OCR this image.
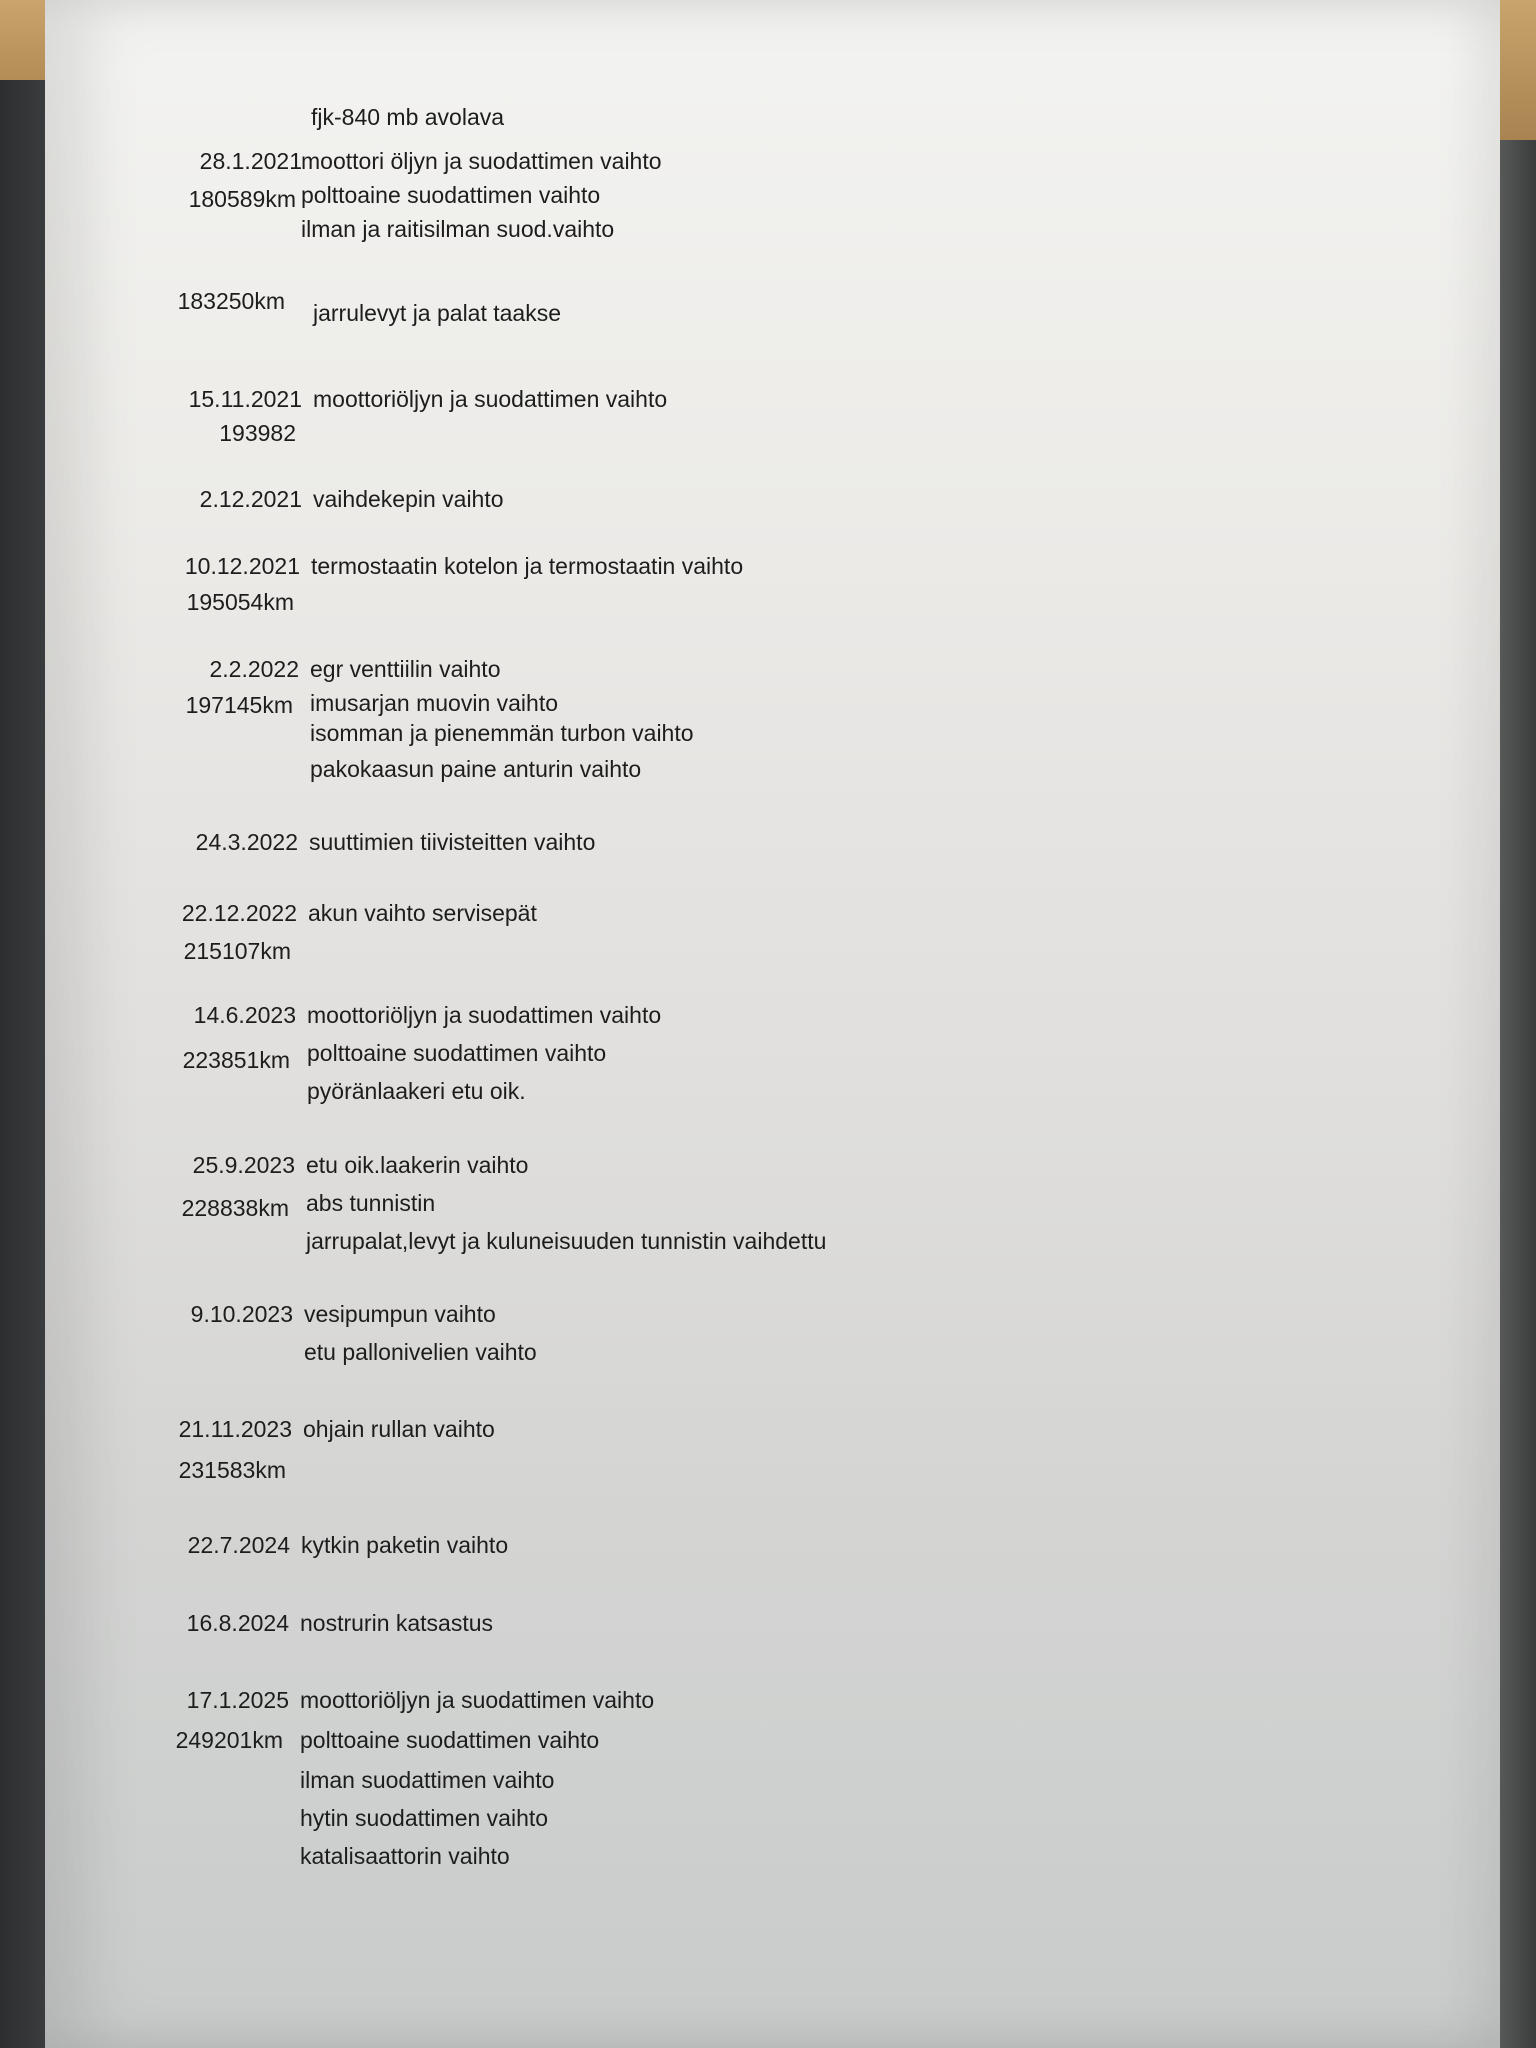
fjk-840 mb avolava
28.1.2021
180589km
moottori öljyn ja suodattimen vaihto
polttoaine suodattimen vaihto
ilman ja raitisilman suod.vaihto
183250km jarrulevyt ja palat taakse
15.11.2021
193982
moottoriöljyn ja suodattimen vaihto
2.12.2021 vaihdekepin vaihto
10.12.2021
195054km
termostaatin kotelon ja termostaatin vaihto
2.2.2022
197145km
egr venttiilin vaihto
imusarjan muovin vaihto
isomman ja pienemmän turbon vaihto
pakokaasun paine anturin vaihto
24.3.2022 suuttimien tiivisteitten vaihto
22.12.2022
215107km
akun vaihto servisepät
14.6.2023
223851km
moottoriöljyn ja suodattimen vaihto
polttoaine suodattimen vaihto
pyöränlaakeri etu oik.
25.9.2023
228838km
etu oik.laakerin vaihto
abs tunnistin
jarrupalat,levyt ja kuluneisuuden tunnistin vaihdettu
9.10.2023 vesipumpun vaihto
etu pallonivelien vaihto
21.11.2023
231583km
ohjain rullan vaihto
22.7.2024 kytkin paketin vaihto
16.8.2024 nostrurin katsastus
17.1.2025
249201km
moottoriöljyn ja suodattimen vaihto
polttoaine suodattimen vaihto
ilman suodattimen vaihto
hytin suodattimen vaihto
katalisaattorin vaihto
